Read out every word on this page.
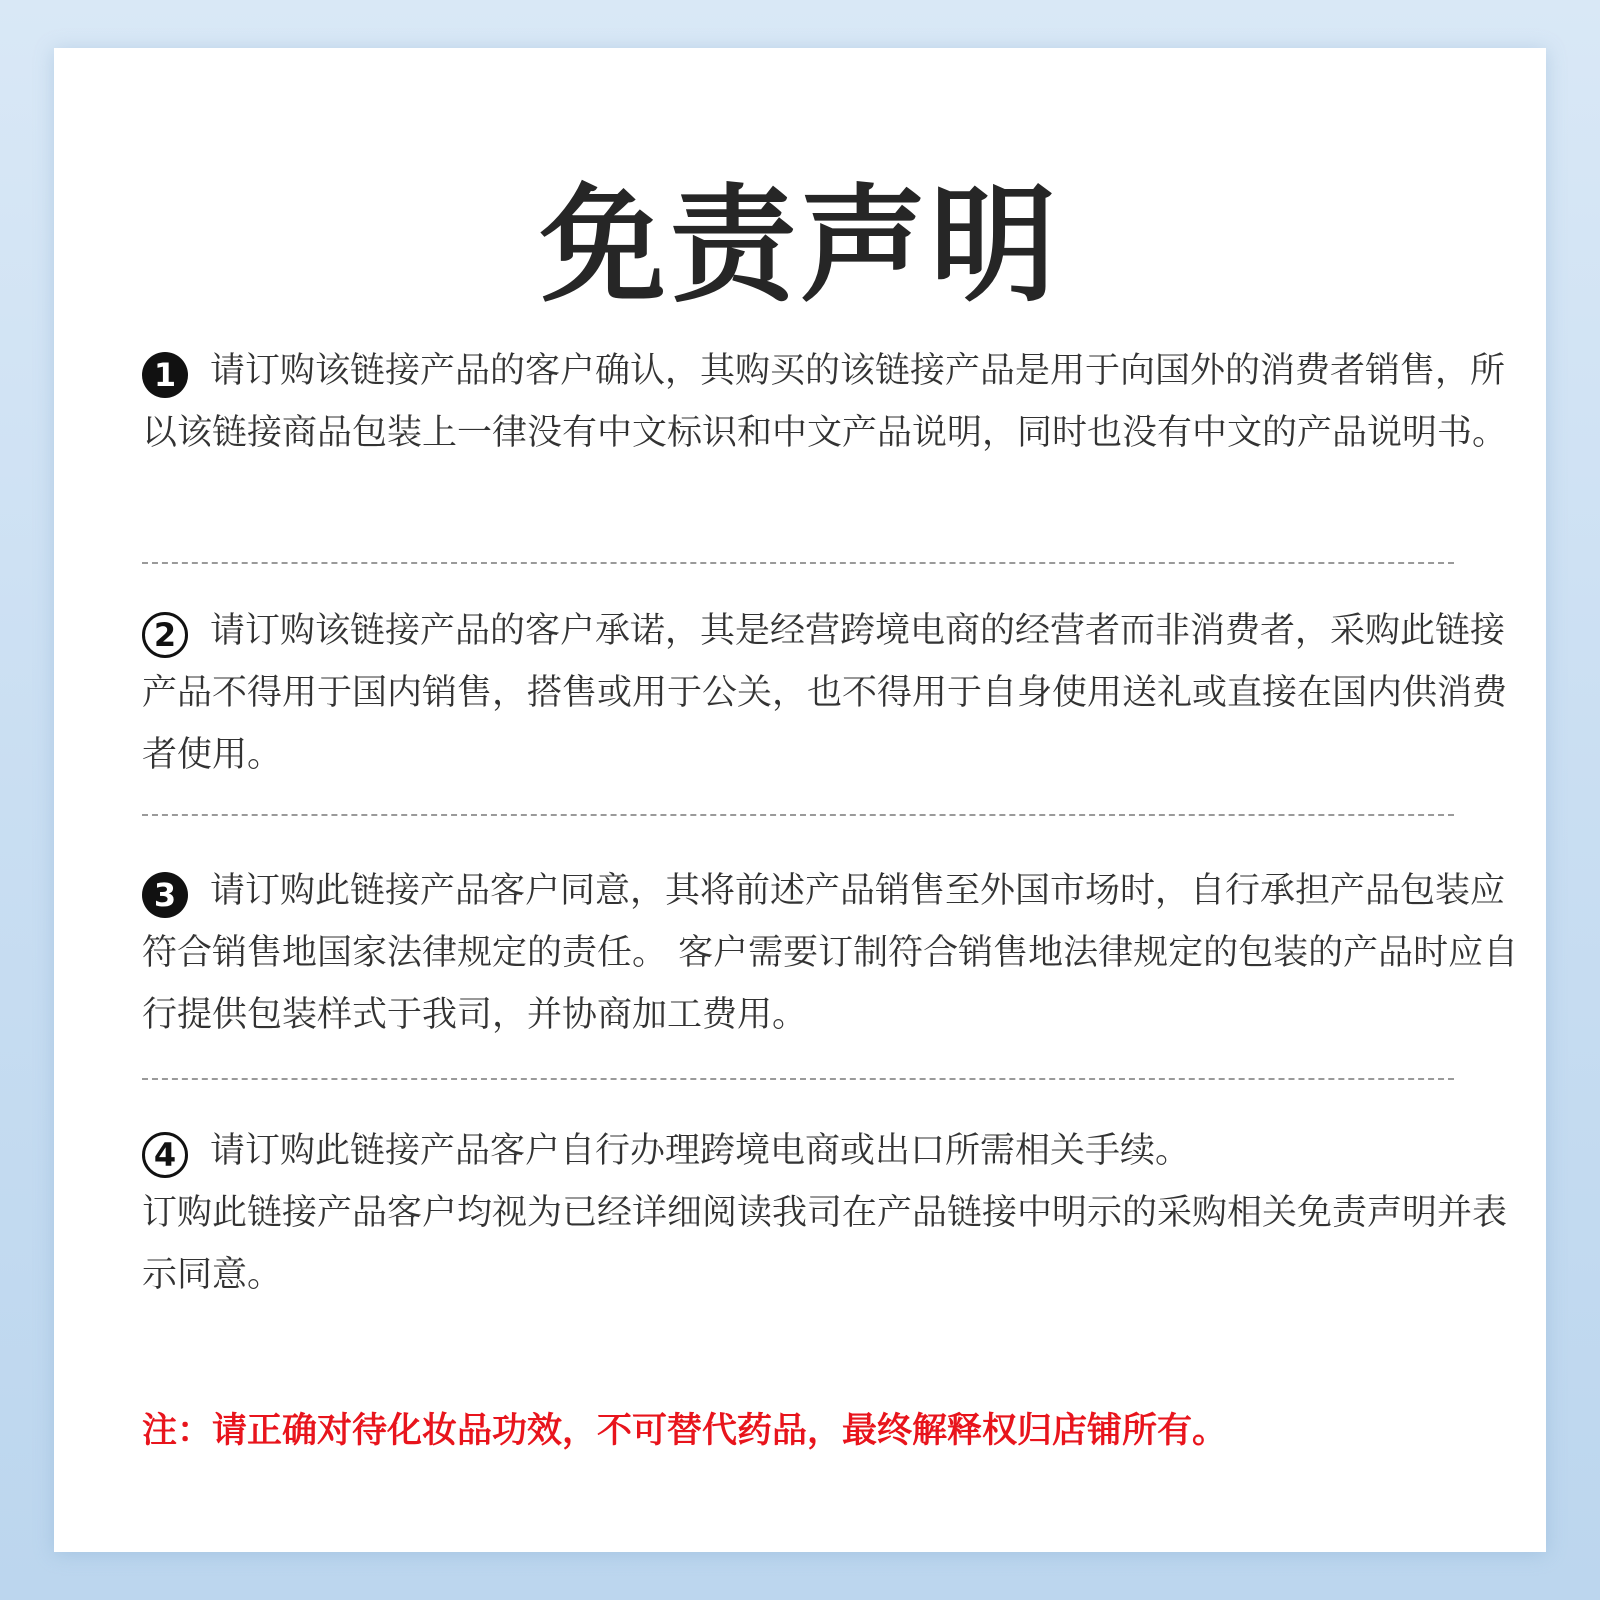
免责声明
1 请订购该链接产品的客户确认，其购买的该链接产品是用于向国外的消费者销售，所以该链接商品包装上一律没有中文标识和中文产品说明，同时也没有中文的产品说明书。
2 请订购该链接产品的客户承诺，其是经营跨境电商的经营者而非消费者，采购此链接产品不得用于国内销售，搭售或用于公关，也不得用于自身使用送礼或直接在国内供消费者使用。
3 请订购此链接产品客户同意，其将前述产品销售至外国市场时，自行承担产品包装应符合销售地国家法律规定的责任。 客户需要订制符合销售地法律规定的包装的产品时应自行提供包装样式于我司，并协商加工费用。
4 请订购此链接产品客户自行办理跨境电商或出口所需相关手续。
订购此链接产品客户均视为已经详细阅读我司在产品链接中明示的采购相关免责声明并表示同意。
注：请正确对待化妆品功效，不可替代药品，最终解释权归店铺所有。
